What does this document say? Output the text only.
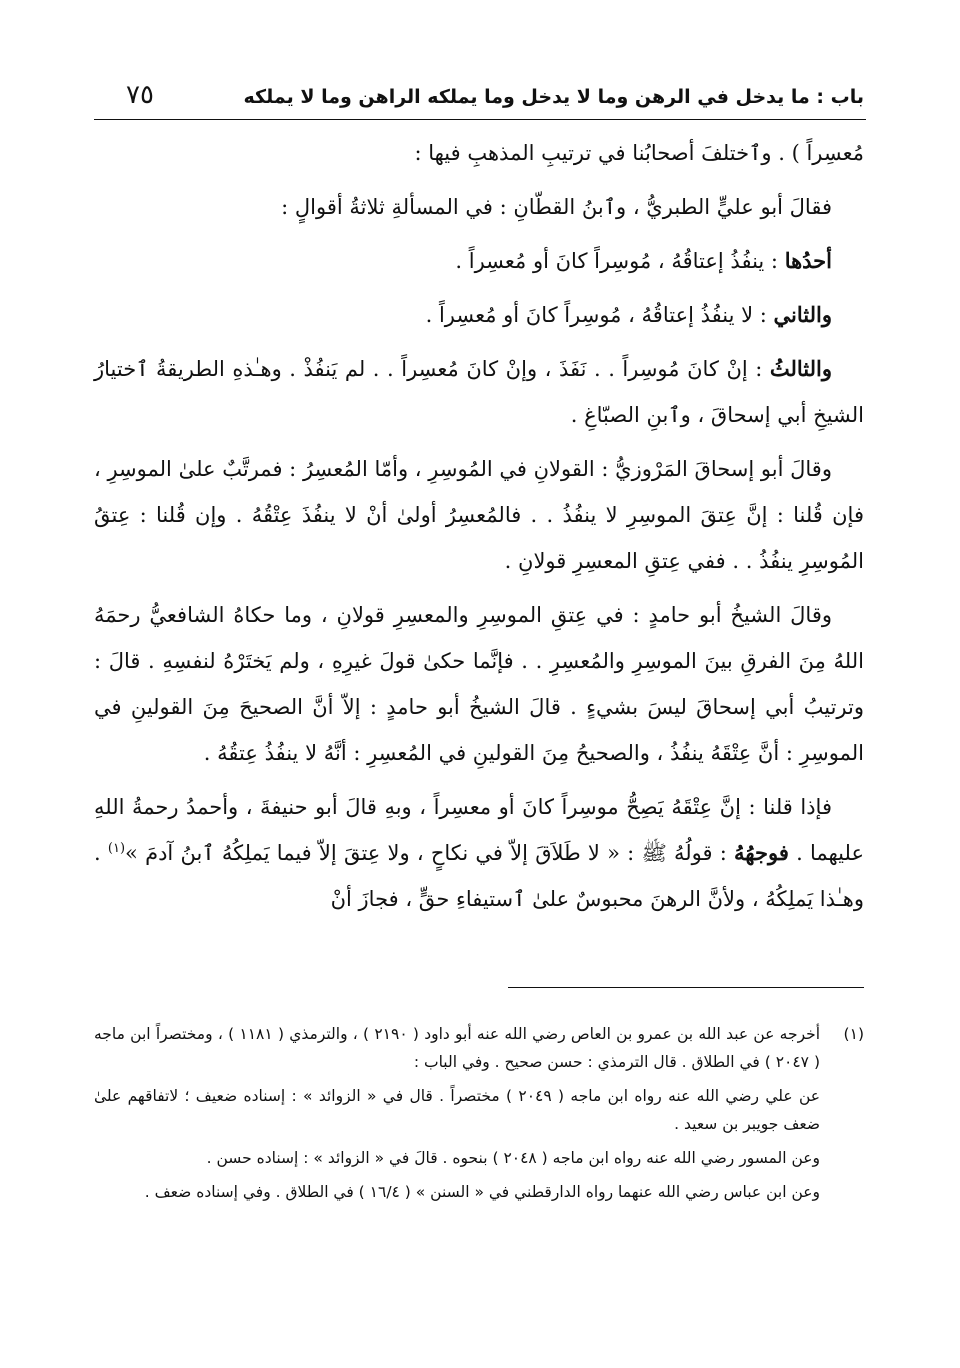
باب : ما يدخل في الرهن وما لا يدخل وما يملكه الراهن وما لا يملكه
٧٥

مُعسِراً ) . وٱختلفَ أصحابُنا في ترتيبِ المذهبِ فيها :

فقالَ أبو عليٍّ الطبريُّ ، وٱبنُ القطّانِ : في المسألةِ ثلاثةُ أقوالٍ :

أحدُها : ينفُذُ إعتاقُهُ ، مُوسِراً كانَ أو مُعسِراً .

والثاني : لا ينفُذُ إعتاقُهُ ، مُوسِراً كانَ أو مُعسِراً .

والثالثُ : إنْ كانَ مُوسِراً . . نَفَذَ ، وإنْ كانَ مُعسِراً . . لم يَنفُذْ . وهـٰذهِ الطريقةُ ٱختيارُ الشيخِ أبي إسحاقَ ، وٱبنِ الصبّاغِ .

وقالَ أبو إسحاقَ المَرْوزيُّ : القولانِ في المُوسِرِ ، وأمّا المُعسِرُ : فمرتَّبٌ علىٰ الموسِرِ ، فإن قُلنا : إنَّ عِتقَ الموسِرِ لا ينفُذُ . . فالمُعسِرُ أولىٰ أنْ لا ينفُذَ عِتْقُهُ . وإن قُلنا : عِتقُ المُوسِرِ ينفُذُ . . ففي عِتقِ المعسِرِ قولانِ .

وقالَ الشيخُ أبو حامدٍ : في عِتقِ الموسِرِ والمعسِرِ قولانِ ، وما حكاهُ الشافعيُّ رحمَهُ اللهُ مِنَ الفرقِ بينَ الموسِرِ والمُعسِرِ . . فإنَّما حكىٰ قولَ غيرِهِ ، ولم يَختَرْهُ لنفسِهِ . قالَ : وترتيبُ أبي إسحاقَ ليسَ بشيءٍ . قالَ الشيخُ أبو حامدٍ : إلاّ أنَّ الصحيحَ مِنَ القولينِ في الموسِرِ : أنَّ عِتْقَهُ ينفُذُ ، والصحيحُ مِنَ القولينِ في المُعسِرِ : أنَّهُ لا ينفُذُ عِتقُهُ .

فإذا قلنا : إنَّ عِتْقَهُ يَصِحُّ موسِراً كانَ أو معسِراً ، وبهِ قالَ أبو حنيفةَ ، وأحمدُ رحمةُ اللهِ عليهما . فوجهُهُ : قولُهُ ﷺ : « لا طَلاَقَ إلاّ في نكاحٍ ، ولا عِتقَ إلاّ فيما يَملِكُهُ ٱبنُ آدمَ »$^{(١)}$ . وهـٰذا يَملِكُهُ ، ولأنَّ الرهنَ محبوسٌ علىٰ ٱستيفاءِ حقٍّ ، فجازَ أنْ

(١)

أخرجه عن عبد الله بن عمرو بن العاص رضي الله عنه أبو داود ( ٢١٩٠ ) ، والترمذي ( ١١٨١ ) ، ومختصراً ابن ماجه ( ٢٠٤٧ ) في الطلاق . قال الترمذي : حسن صحيح . وفي الباب :

عن علي رضي الله عنه رواه ابن ماجه ( ٢٠٤٩ ) مختصراً . قال في « الزوائد » : إسناده ضعيف ؛ لاتفاقهم علىٰ ضعف جويبر بن سعيد .

وعن المسور رضي الله عنه رواه ابن ماجه ( ٢٠٤٨ ) بنحوه . قالَ في « الزوائد » : إسناده حسن .

وعن ابن عباس رضي الله عنهما رواه الدارقطني في « السنن » ( ١٦/٤ ) في الطلاق . وفي إسناده ضعف .
